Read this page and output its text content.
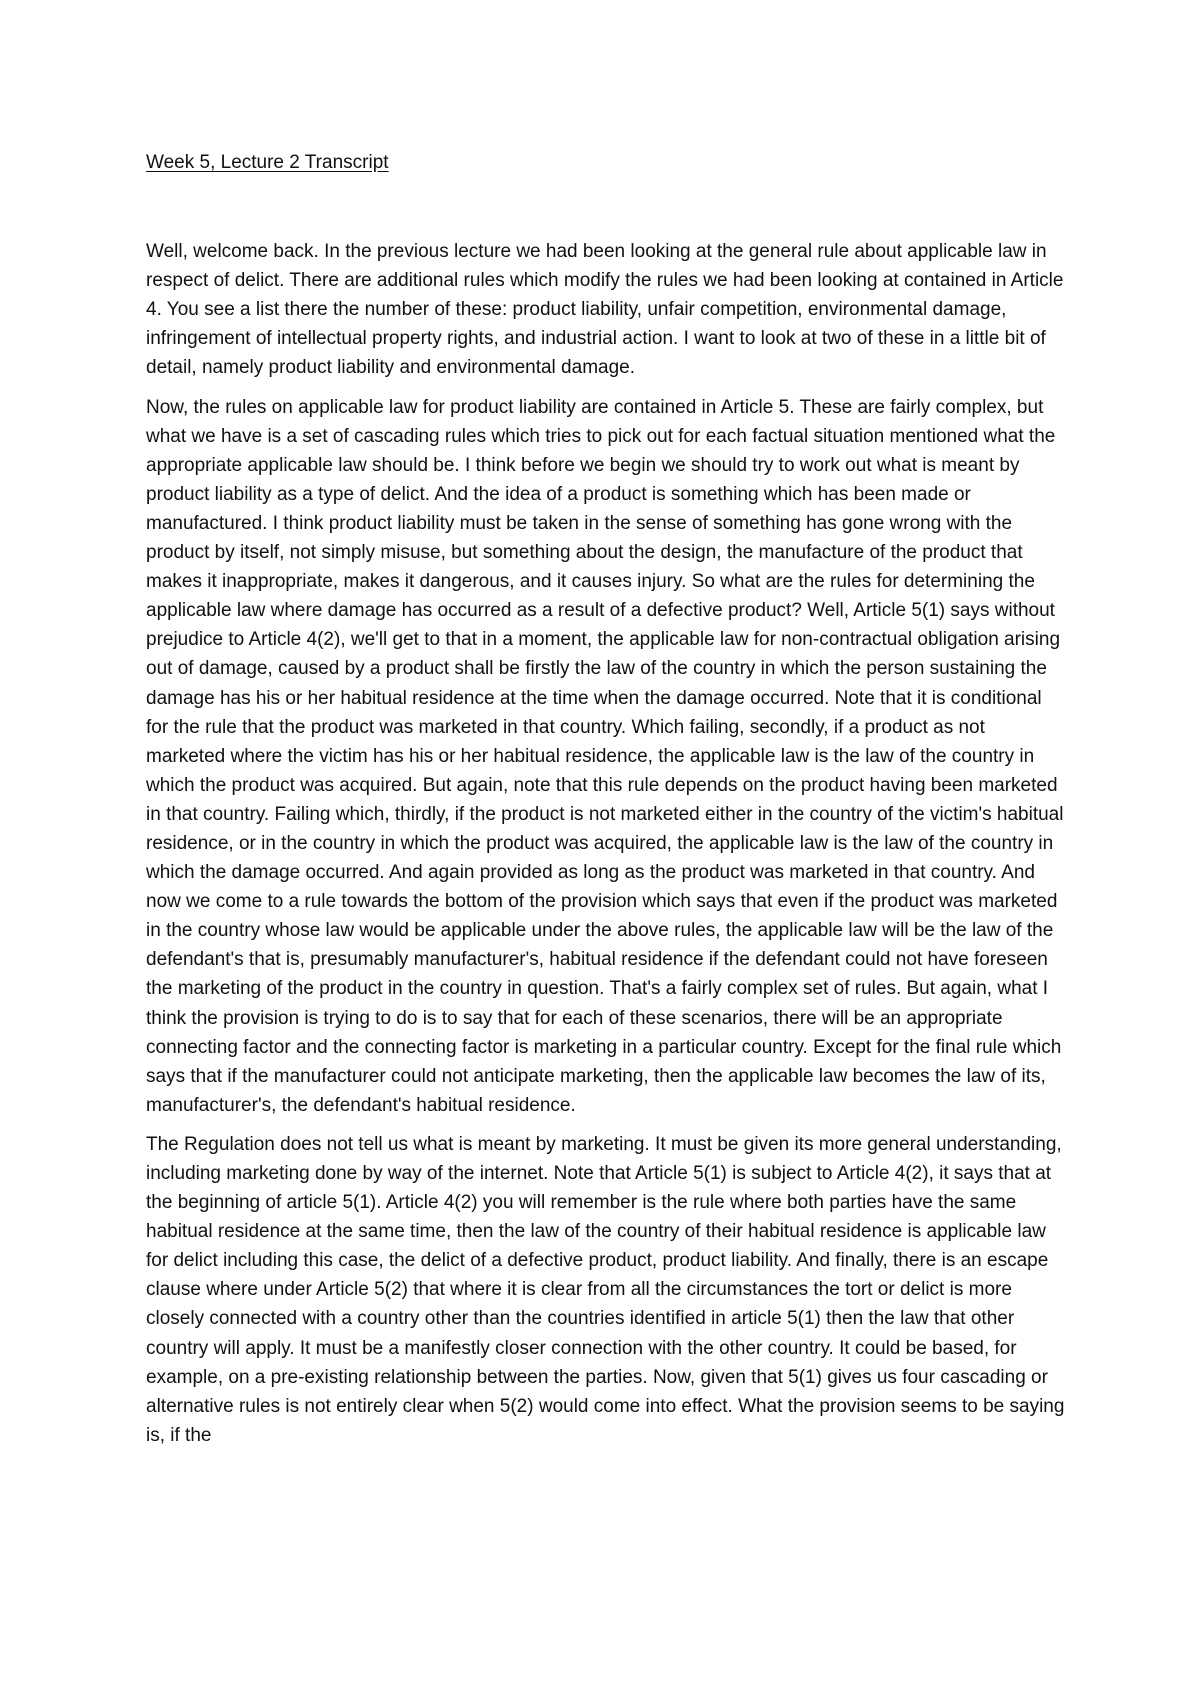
Week 5, Lecture 2 Transcript

Well, welcome back. In the previous lecture we had been looking at the general rule about applicable law in respect of delict. There are additional rules which modify the rules we had been looking at contained in Article 4. You see a list there the number of these: product liability, unfair competition, environmental damage, infringement of intellectual property rights, and industrial action. I want to look at two of these in a little bit of detail, namely product liability and environmental damage.

Now, the rules on applicable law for product liability are contained in Article 5. These are fairly complex, but what we have is a set of cascading rules which tries to pick out for each factual situation mentioned what the appropriate applicable law should be. I think before we begin we should try to work out what is meant by product liability as a type of delict. And the idea of a product is something which has been made or manufactured. I think product liability must be taken in the sense of something has gone wrong with the product by itself, not simply misuse, but something about the design, the manufacture of the product that makes it inappropriate, makes it dangerous, and it causes injury. So what are the rules for determining the applicable law where damage has occurred as a result of a defective product? Well, Article 5(1) says without prejudice to Article 4(2), we'll get to that in a moment, the applicable law for non-contractual obligation arising out of damage, caused by a product shall be firstly the law of the country in which the person sustaining the damage has his or her habitual residence at the time when the damage occurred. Note that it is conditional for the rule that the product was marketed in that country. Which failing, secondly, if a product as not marketed where the victim has his or her habitual residence, the applicable law is the law of the country in which the product was acquired. But again, note that this rule depends on the product having been marketed in that country. Failing which, thirdly, if the product is not marketed either in the country of the victim's habitual residence, or in the country in which the product was acquired, the applicable law is the law of the country in which the damage occurred. And again provided as long as the product was marketed in that country. And now we come to a rule towards the bottom of the provision which says that even if the product was marketed in the country whose law would be applicable under the above rules, the applicable law will be the law of the defendant's that is, presumably manufacturer's, habitual residence if the defendant could not have foreseen the marketing of the product in the country in question. That's a fairly complex set of rules. But again, what I think the provision is trying to do is to say that for each of these scenarios, there will be an appropriate connecting factor and the connecting factor is marketing in a particular country. Except for the final rule which says that if the manufacturer could not anticipate marketing, then the applicable law becomes the law of its, manufacturer's, the defendant's habitual residence.

The Regulation does not tell us what is meant by marketing. It must be given its more general understanding, including marketing done by way of the internet. Note that Article 5(1) is subject to Article 4(2), it says that at the beginning of article 5(1). Article 4(2) you will remember is the rule where both parties have the same habitual residence at the same time, then the law of the country of their habitual residence is applicable law for delict including this case, the delict of a defective product, product liability. And finally, there is an escape clause where under Article 5(2) that where it is clear from all the circumstances the tort or delict is more closely connected with a country other than the countries identified in article 5(1) then the law that other country will apply. It must be a manifestly closer connection with the other country. It could be based, for example, on a pre-existing relationship between the parties. Now, given that 5(1) gives us four cascading or alternative rules is not entirely clear when 5(2) would come into effect. What the provision seems to be saying is, if the
